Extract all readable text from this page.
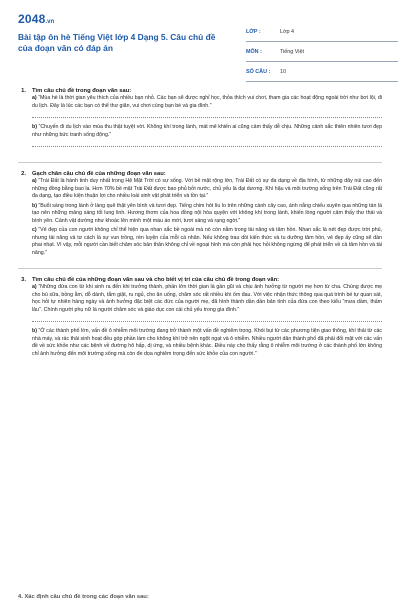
2048.vn
Bài tập ôn hè Tiếng Việt lớp 4 Dạng 5. Câu chủ đề của đoạn văn có đáp án
LỚP :	Lớp 4
MÔN :	Tiếng Việt
SỐ CÂU :	10
1.	Tìm câu chủ đề trong đoạn văn sau:

a) “Mùa hè là thời gian yêu thích của nhiều bạn nhỏ. Các bạn sẽ được nghỉ học, thỏa thích vui chơi, tham gia các hoạt động ngoài trời như bơi lội, đi du lịch. Đây là lúc các bạn có thể thư giãn, vui chơi cùng bạn bè và gia đình.”

b) “Chuyến đi du lịch vào mùa thu thật tuyệt vời. Không khí trong lành, mát mẻ khiến ai cũng cảm thấy dễ chịu. Những cảnh sắc thiên nhiên tươi đẹp như những bức tranh sống động.”

2.	Gạch chân câu chủ đề của những đoạn văn sau:

a) “Trái Đất là hành tinh duy nhất trong Hệ Mặt Trời có sự sống. Với bề mặt rộng lớn, Trái Đất có sự đa dạng về địa hình, từ những dãy núi cao đến những đồng bằng bao la. Hơn 70% bề mặt Trái Đất được bao phủ bởi nước, chủ yếu là đại dương. Khí hậu và môi trường sống trên Trái Đất cũng rất đa dạng, tạo điều kiện thuận lợi cho nhiều loài sinh vật phát triển và tồn tại.”

b) “Buổi sáng trong lành ở làng quê thật yên bình và tươi đẹp. Tiếng chim hót líu lo trên những cành cây cao, ánh nắng chiếu xuyên qua những tán lá tạo nên những mảng sáng tối lung linh. Hương thơm của hoa đồng nội hòa quyện với không khí trong lành, khiến lòng người cảm thấy thư thái và bình yên. Cánh vật dường như khoác lên mình một màu áo mới, tươi sáng và rạng ngời.”

c) “Vẻ đẹp của con người không chỉ thể hiện qua nhan sắc bề ngoài mà nó còn nằm trong tài năng và tâm hồn. Nhan sắc là nét đẹp được trời phú, nhưng tài năng và tư cách là sự vun trồng, rèn luyện của mỗi cá nhân. Nếu không trau dồi kiến thức và tu dưỡng tâm hồn, vẻ đẹp ấy cũng sẽ dần phai nhạt. Vì vậy, mỗi người cần biết chăm sóc bản thân không chỉ về ngoại hình mà còn phải học hỏi không ngừng để phát triển về cả tâm hồn và tài năng.”

3.	Tìm câu chủ đề của những đoạn văn sau và cho biết vị trí của câu chủ đề trong đoạn văn:

a) “Những đứa con từ khi sinh ra đến khi trưởng thành, phần lớn thời gian là gần gũi và chịu ảnh hưởng từ người mẹ hơn từ cha. Chúng được mẹ cho bú sữa, bồng ẵm, dỗ dành, tắm giặt, ru ngủ, cho ăn uống, chăm sóc rất nhiều khi ốm đau. Với việc nhận thức thông qua quá trình bé tự quan sát, học hỏi tự nhiên hàng ngày và ảnh hưởng đặc biệt các đức của người mẹ, đã hình thành dần dần bản tính của đứa con theo kiểu “mưa dầm, thấm lâu”. Chính người phụ nữ là người chăm sóc và giáo dục con cái chủ yếu trong gia đình.”

b) “Ở các thành phố lớn, vấn đề ô nhiễm môi trường đang trở thành một vấn đề nghiêm trọng. Khói bụi từ các phương tiện giao thông, khí thải từ các nhà máy, và rác thải sinh hoạt đều góp phần làm cho không khí trở nên ngột ngạt và ô nhiễm. Nhiều người dân thành phố đã phải đối mặt với các vấn đề về sức khỏe như các bệnh về đường hô hấp, dị ứng, và nhiều bệnh khác. Điều này cho thấy rằng ô nhiễm môi trường ở các thành phố lớn không chỉ ảnh hưởng đến môi trường sống mà còn đe dọa nghiêm trọng đến sức khỏe của con người.”

4. Xác định câu chủ đề trong các đoạn văn sau:
